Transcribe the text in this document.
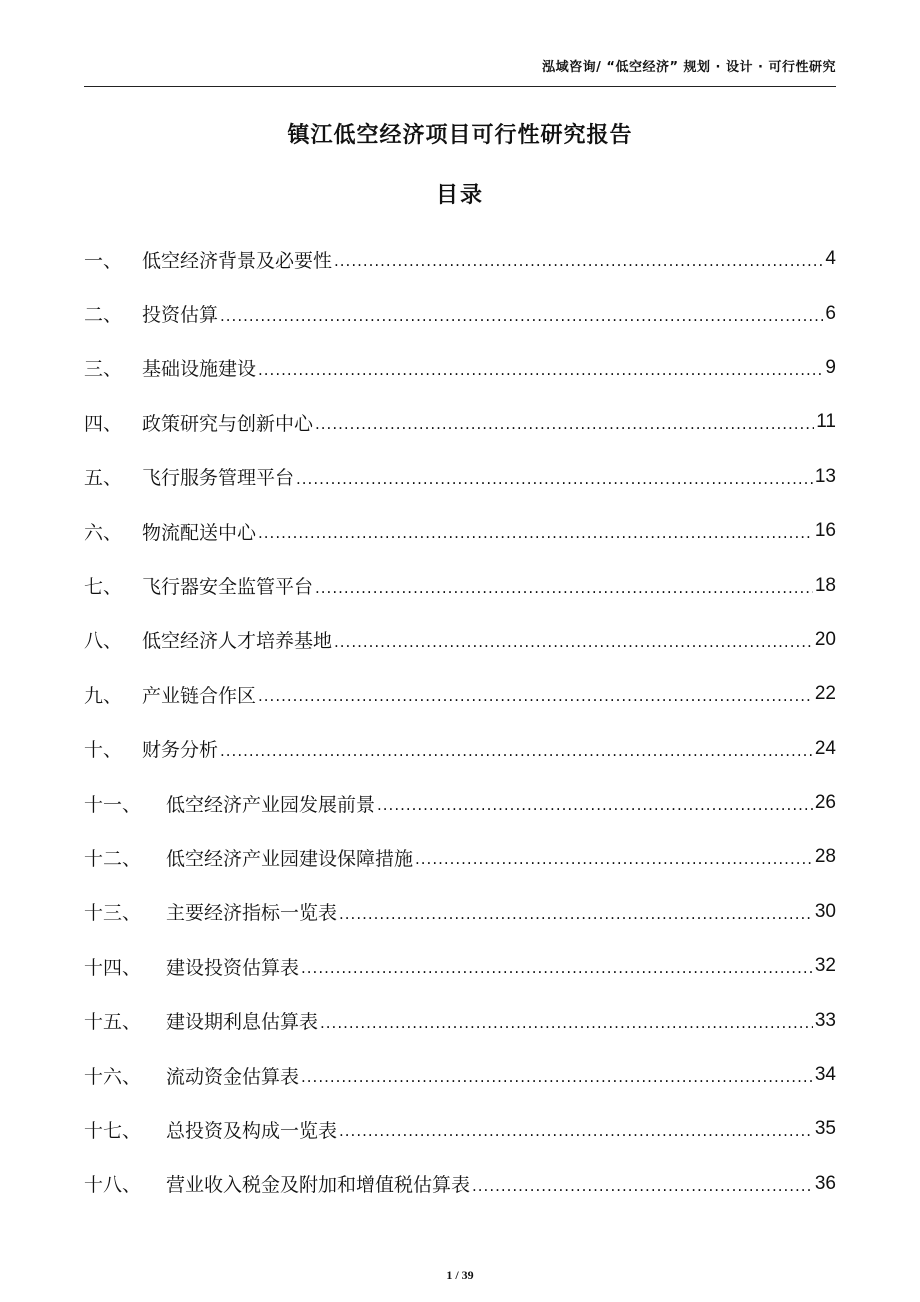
泓域咨询/ “低空经济” 规划 · 设计 · 可行性研究
镇江低空经济项目可行性研究报告
目录
一、	低空经济背景及必要性 .....	4
二、	投资估算 .....	6
三、	基础设施建设 .....	9
四、	政策研究与创新中心 .....	11
五、	飞行服务管理平台 .....	13
六、	物流配送中心 .....	16
七、	飞行器安全监管平台 .....	18
八、	低空经济人才培养基地 .....	20
九、	产业链合作区 .....	22
十、	财务分析 .....	24
十一、	低空经济产业园发展前景 .....	26
十二、	低空经济产业园建设保障措施 .....	28
十三、	主要经济指标一览表 .....	30
十四、	建设投资估算表 .....	32
十五、	建设期利息估算表 .....	33
十六、	流动资金估算表 .....	34
十七、	总投资及构成一览表 .....	35
十八、	营业收入税金及附加和增值税估算表 .....	36
1 / 39
